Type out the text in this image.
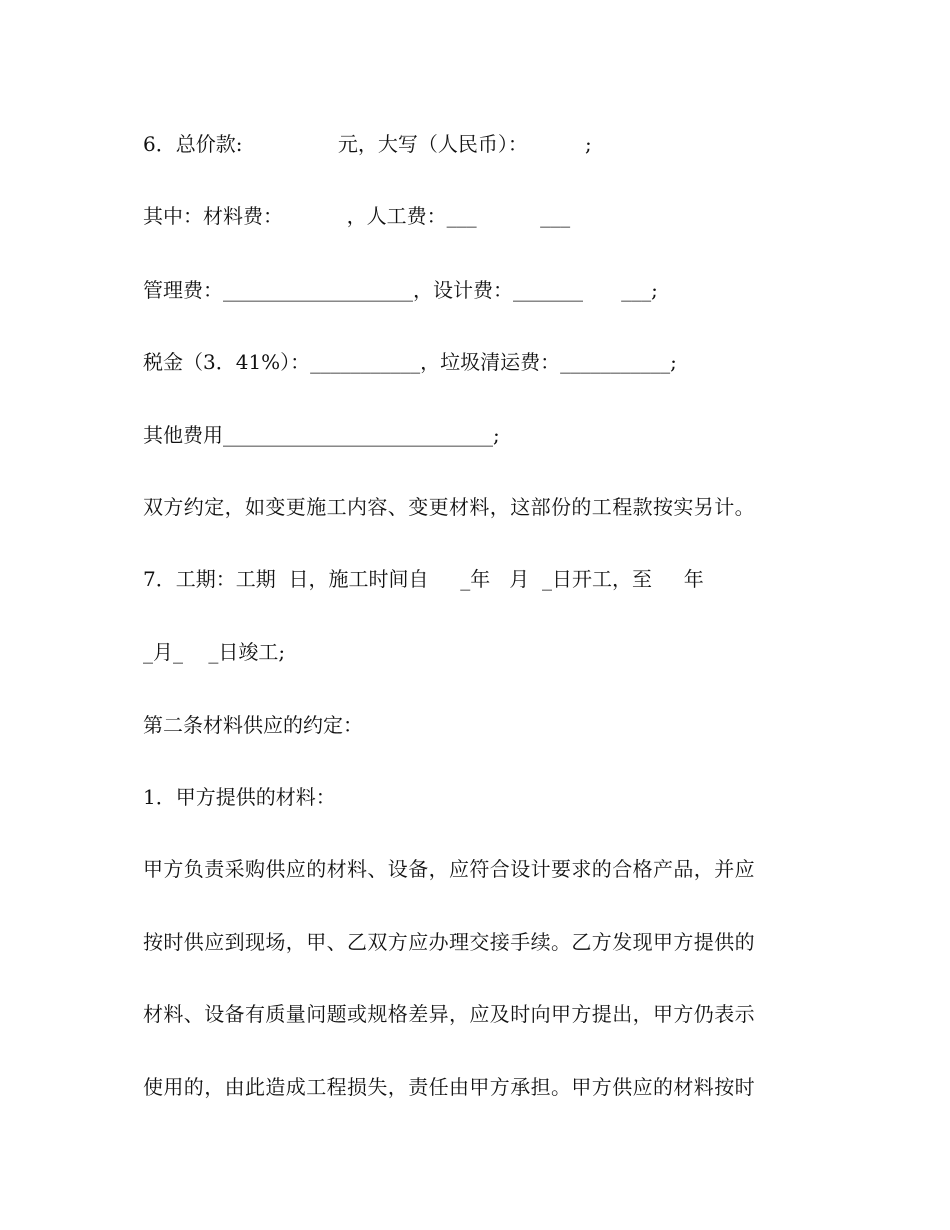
6．总价款:               元，大写（人民币）：         ;
其中：材料费：          ，人工费：___          ___
管理费：___________________，设计费：_______      ___;
税金（3．41%）：___________，垃圾清运费：___________;
其他费用___________________________;
双方约定，如变更施工内容、变更材料，这部份的工程款按实另计。
7．工期：工期  日，施工时间自     _年   月  _日开工，至     年
_月_    _日竣工;
第二条材料供应的约定：
1．甲方提供的材料：
甲方负责采购供应的材料、设备，应符合设计要求的合格产品，并应
按时供应到现场，甲、乙双方应办理交接手续。乙方发现甲方提供的
材料、设备有质量问题或规格差异，应及时向甲方提出，甲方仍表示
使用的，由此造成工程损失，责任由甲方承担。甲方供应的材料按时
